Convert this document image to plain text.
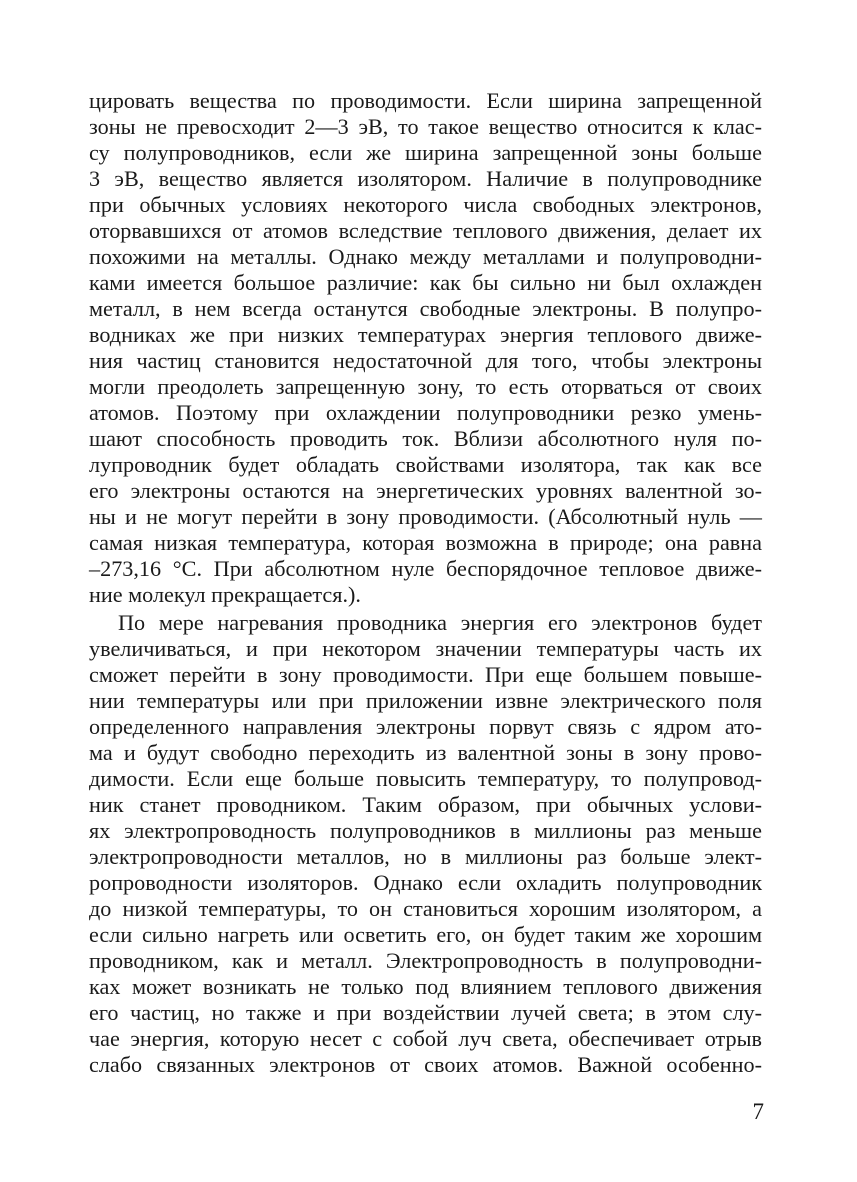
цировать вещества по проводимости. Если ширина запрещенной
зоны не превосходит 2—3 эВ, то такое вещество относится к клас-
су полупроводников, если же ширина запрещенной зоны больше
3 эВ, вещество является изолятором. Наличие в полупроводнике
при обычных условиях некоторого числа свободных электронов,
оторвавшихся от атомов вследствие теплового движения, делает их
похожими на металлы. Однако между металлами и полупроводни-
ками имеется большое различие: как бы сильно ни был охлажден
металл, в нем всегда останутся свободные электроны. В полупро-
водниках же при низких температурах энергия теплового движе-
ния частиц становится недостаточной для того, чтобы электроны
могли преодолеть запрещенную зону, то есть оторваться от своих
атомов. Поэтому при охлаждении полупроводники резко умень-
шают способность проводить ток. Вблизи абсолютного нуля по-
лупроводник будет обладать свойствами изолятора, так как все
его электроны остаются на энергетических уровнях валентной зо-
ны и не могут перейти в зону проводимости. (Абсолютный нуль —
самая низкая температура, которая возможна в природе; она равна
–273,16 °С. При абсолютном нуле беспорядочное тепловое движе-
ние молекул прекращается.).
По мере нагревания проводника энергия его электронов будет
увеличиваться, и при некотором значении температуры часть их
сможет перейти в зону проводимости. При еще большем повыше-
нии температуры или при приложении извне электрического поля
определенного направления электроны порвут связь с ядром ато-
ма и будут свободно переходить из валентной зоны в зону прово-
димости. Если еще больше повысить температуру, то полупровод-
ник станет проводником. Таким образом, при обычных услови-
ях электропроводность полупроводников в миллионы раз меньше
электропроводности металлов, но в миллионы раз больше элект-
ропроводности изоляторов. Однако если охладить полупроводник
до низкой температуры, то он становиться хорошим изолятором, а
если сильно нагреть или осветить его, он будет таким же хорошим
проводником, как и металл. Электропроводность в полупроводни-
ках может возникать не только под влиянием теплового движения
его частиц, но также и при воздействии лучей света; в этом слу-
чае энергия, которую несет с собой луч света, обеспечивает отрыв
слабо связанных электронов от своих атомов. Важной особенно-
7
